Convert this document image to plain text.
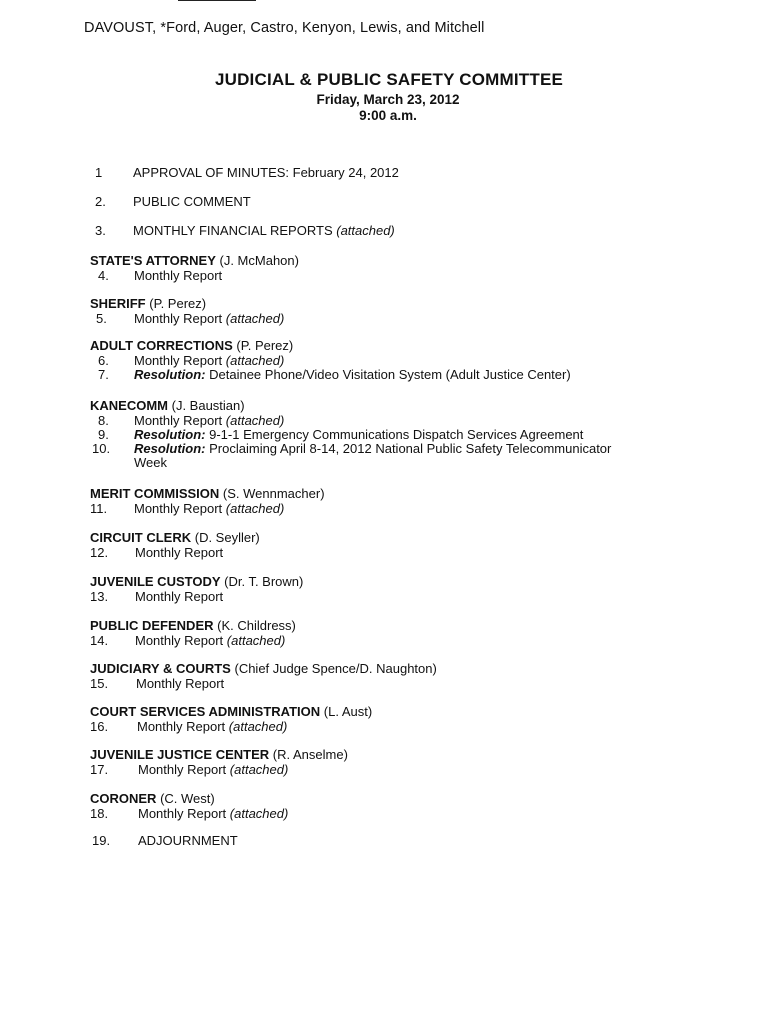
DAVOUST, *Ford, Auger, Castro, Kenyon, Lewis, and Mitchell
JUDICIAL & PUBLIC SAFETY COMMITTEE
Friday, March 23, 2012
9:00 a.m.
1 APPROVAL OF MINUTES: February 24, 2012
2. PUBLIC COMMENT
3. MONTHLY FINANCIAL REPORTS (attached)
STATE'S ATTORNEY (J. McMahon)
4. Monthly Report
SHERIFF (P. Perez)
5. Monthly Report (attached)
ADULT CORRECTIONS (P. Perez)
6. Monthly Report (attached)
7. Resolution: Detainee Phone/Video Visitation System (Adult Justice Center)
KANECOMM (J. Baustian)
8. Monthly Report (attached)
9. Resolution: 9-1-1 Emergency Communications Dispatch Services Agreement
10. Resolution: Proclaiming April 8-14, 2012 National Public Safety Telecommunicator
Week
MERIT COMMISSION (S. Wennmacher)
11. Monthly Report (attached)
CIRCUIT CLERK (D. Seyller)
12. Monthly Report
JUVENILE CUSTODY (Dr. T. Brown)
13. Monthly Report
PUBLIC DEFENDER (K. Childress)
14. Monthly Report (attached)
JUDICIARY & COURTS (Chief Judge Spence/D. Naughton)
15. Monthly Report
COURT SERVICES ADMINISTRATION (L. Aust)
16. Monthly Report (attached)
JUVENILE JUSTICE CENTER (R. Anselme)
17. Monthly Report (attached)
CORONER (C. West)
18. Monthly Report (attached)
19. ADJOURNMENT
